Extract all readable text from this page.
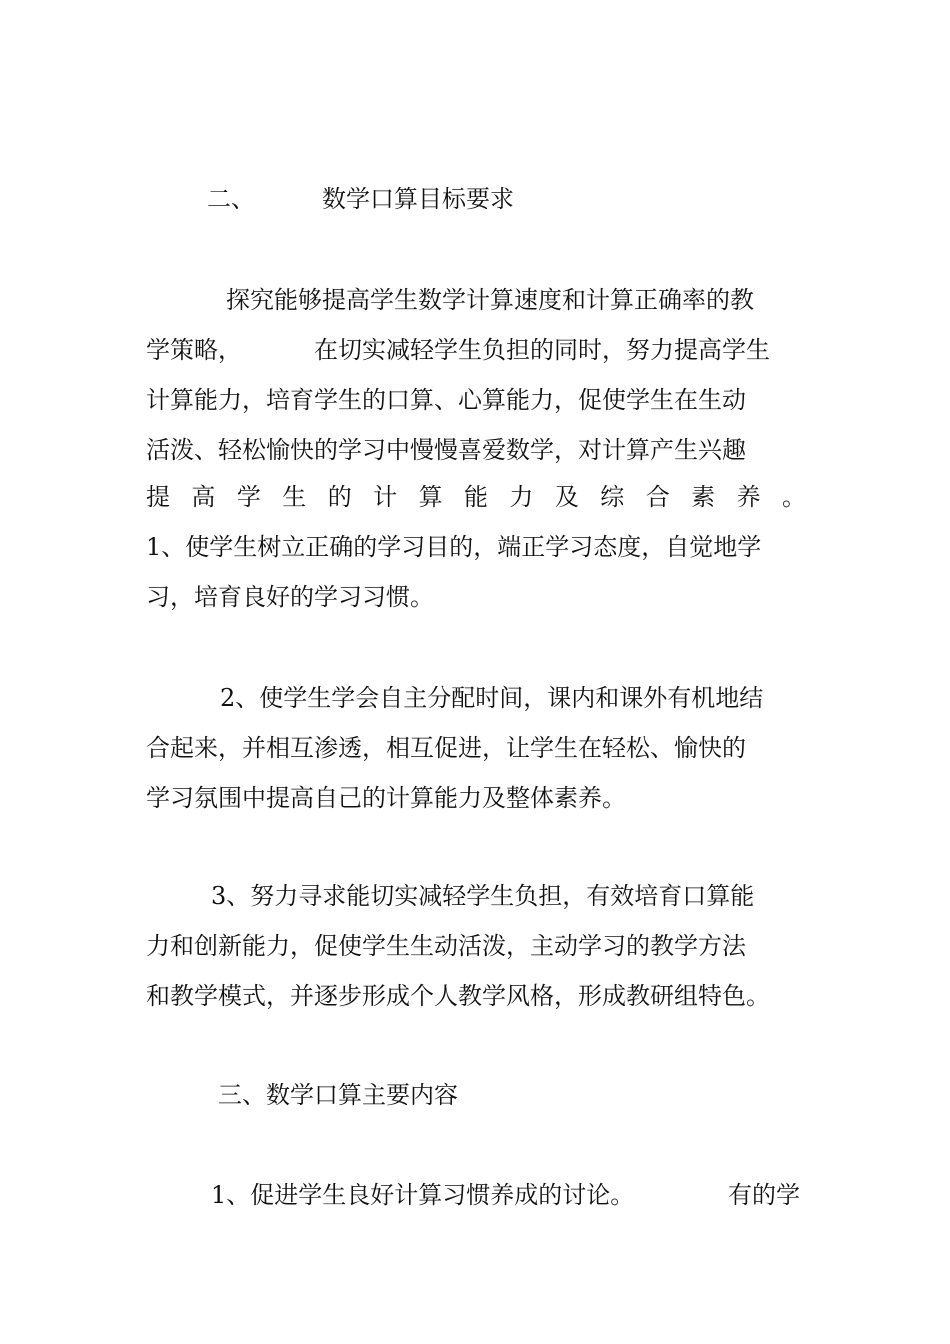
二、	数学口算目标要求
探究能够提高学生数学计算速度和计算正确率的教
学策略，	在切实减轻学生负担的同时，努力提高学生
计算能力，培育学生的口算、心算能力，促使学生在生动
活泼、轻松愉快的学习中慢慢喜爱数学，对计算产生兴趣
提高学生的计算能力及综合素养。
1、使学生树立正确的学习目的，端正学习态度，自觉地学
习，培育良好的学习习惯。
2、使学生学会自主分配时间，课内和课外有机地结
合起来，并相互渗透，相互促进，让学生在轻松、愉快的
学习氛围中提高自己的计算能力及整体素养。
3、努力寻求能切实减轻学生负担，有效培育口算能
力和创新能力，促使学生生动活泼，主动学习的教学方法
和教学模式，并逐步形成个人教学风格，形成教研组特色。
三、数学口算主要内容
1、促进学生良好计算习惯养成的讨论。	有的学
